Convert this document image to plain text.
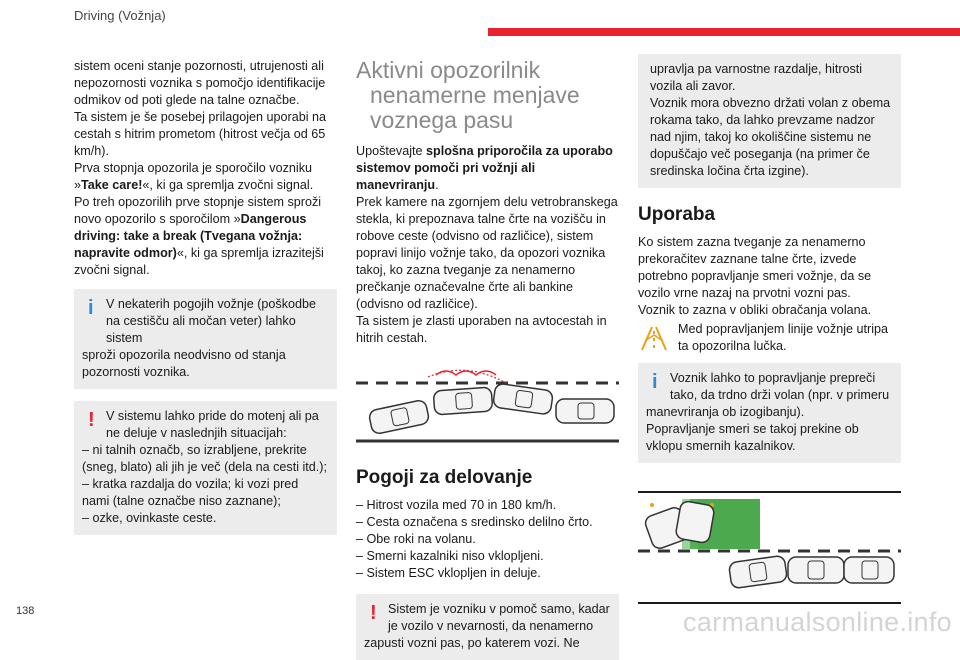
Driving (Vožnja)

sistem oceni stanje pozornosti, utrujenosti ali nepozornosti voznika s pomočjo identifikacije odmikov od poti glede na talne označbe.

Ta sistem je še posebej prilagojen uporabi na cestah s hitrim prometom (hitrost večja od 65 km/h).

Prva stopnja opozorila je sporočilo vozniku »Take care!«, ki ga spremlja zvočni signal.

Po treh opozorilih prve stopnje sistem sproži novo opozorilo s sporočilom »Dangerous driving: take a break (Tvegana vožnja: napravite odmor)«, ki ga spremlja izrazitejši zvočni signal.

i V nekaterih pogojih vožnje (poškodbe na cestišču ali močan veter) lahko sistem
sproži opozorila neodvisno od stanja pozornosti voznika.
! V sistemu lahko pride do motenj ali pa ne deluje v naslednjih situacijah:
– ni talnih označb, so izrabljene, prekrite (sneg, blato) ali jih je več (dela na cesti itd.);
– kratka razdalja do vozila; ki vozi pred nami (talne označbe niso zaznane);
– ozke, ovinkaste ceste.
Aktivni opozorilnik
nenamerne menjave
voznega pasu

Upoštevajte splošna priporočila za uporabo sistemov pomoči pri vožnji ali manevriranju.

Prek kamere na zgornjem delu vetrobranskega stekla, ki prepoznava talne črte na vozišču in robove ceste (odvisno od različice), sistem popravi linijo vožnje tako, da opozori voznika takoj, ko zazna tveganje za nenamerno prečkanje označevalne črte ali bankine (odvisno od različice).

Ta sistem je zlasti uporaben na avtocestah in hitrih cestah.

Pogoji za delovanje
– Hitrost vozila med 70 in 180 km/h.
– Cesta označena s sredinsko delilno črto.
– Obe roki na volanu.
– Smerni kazalniki niso vklopljeni.
– Sistem ESC vklopljen in deluje.
! Sistem je vozniku v pomoč samo, kadar je vozilo v nevarnosti, da nenamerno
zapusti vozni pas, po katerem vozi. Ne
upravlja pa varnostne razdalje, hitrosti vozila ali zavor.
Voznik mora obvezno držati volan z obema rokama tako, da lahko prevzame nadzor nad njim, takoj ko okoliščine sistemu ne dopuščajo več poseganja (na primer če sredinska ločina črta izgine).
Uporaba

Ko sistem zazna tveganje za nenamerno prekoračitev zaznane talne črte, izvede potrebno popravljanje smeri vožnje, da se vozilo vrne nazaj na prvotni vozni pas.

Voznik to zazna v obliki obračanja volana.

Med popravljanjem linije vožnje utripa ta opozorilna lučka.
i Voznik lahko to popravljanje prepreči tako, da trdno drži volan (npr. v primeru
manevriranja ob izogibanju).
Popravljanje smeri se takoj prekine ob vklopu smernih kazalnikov.
138	carmanualsonline.info
